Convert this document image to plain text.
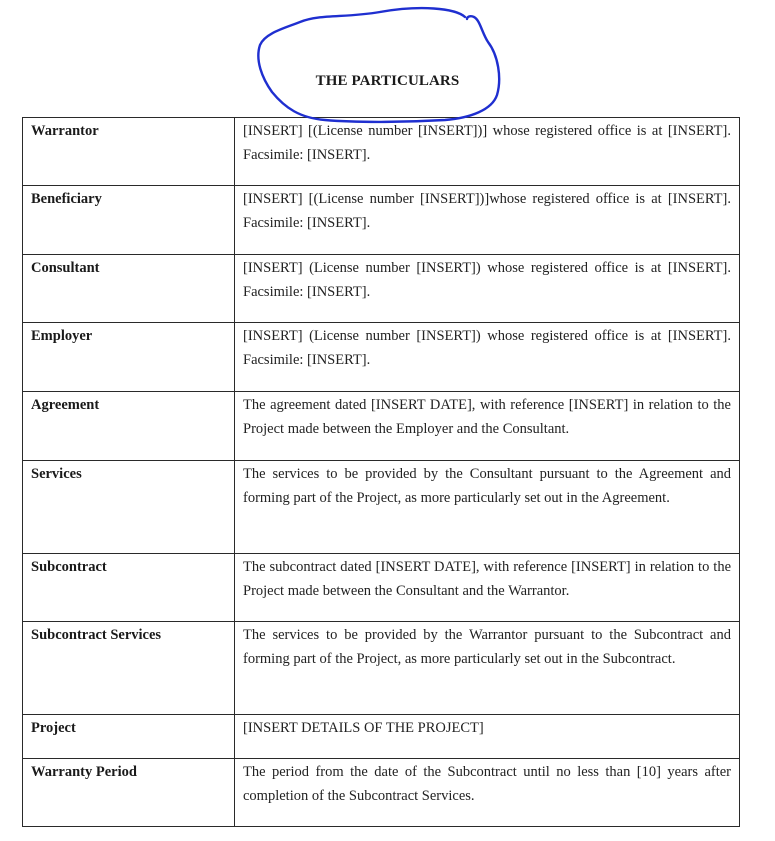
THE PARTICULARS
Warrantor	[INSERT] [(License number [INSERT])] whose registered office is at [INSERT]. Facsimile: [INSERT].
Beneficiary	[INSERT] [(License number [INSERT])]whose registered office is at [INSERT]. Facsimile: [INSERT].
Consultant	[INSERT] (License number [INSERT]) whose registered office is at [INSERT]. Facsimile: [INSERT].
Employer	[INSERT] (License number [INSERT]) whose registered office is at [INSERT]. Facsimile: [INSERT].
Agreement	The agreement dated [INSERT DATE], with reference [INSERT] in relation to the Project made between the Employer and the Consultant.
Services	The services to be provided by the Consultant pursuant to the Agreement and forming part of the Project, as more particularly set out in the Agreement.
Subcontract	The subcontract dated [INSERT DATE], with reference [INSERT] in relation to the Project made between the Consultant and the Warrantor.
Subcontract Services	The services to be provided by the Warrantor pursuant to the Subcontract and forming part of the Project, as more particularly set out in the Subcontract.
Project	[INSERT DETAILS OF THE PROJECT]
Warranty Period	The period from the date of the Subcontract until no less than [10] years after completion of the Subcontract Services.
